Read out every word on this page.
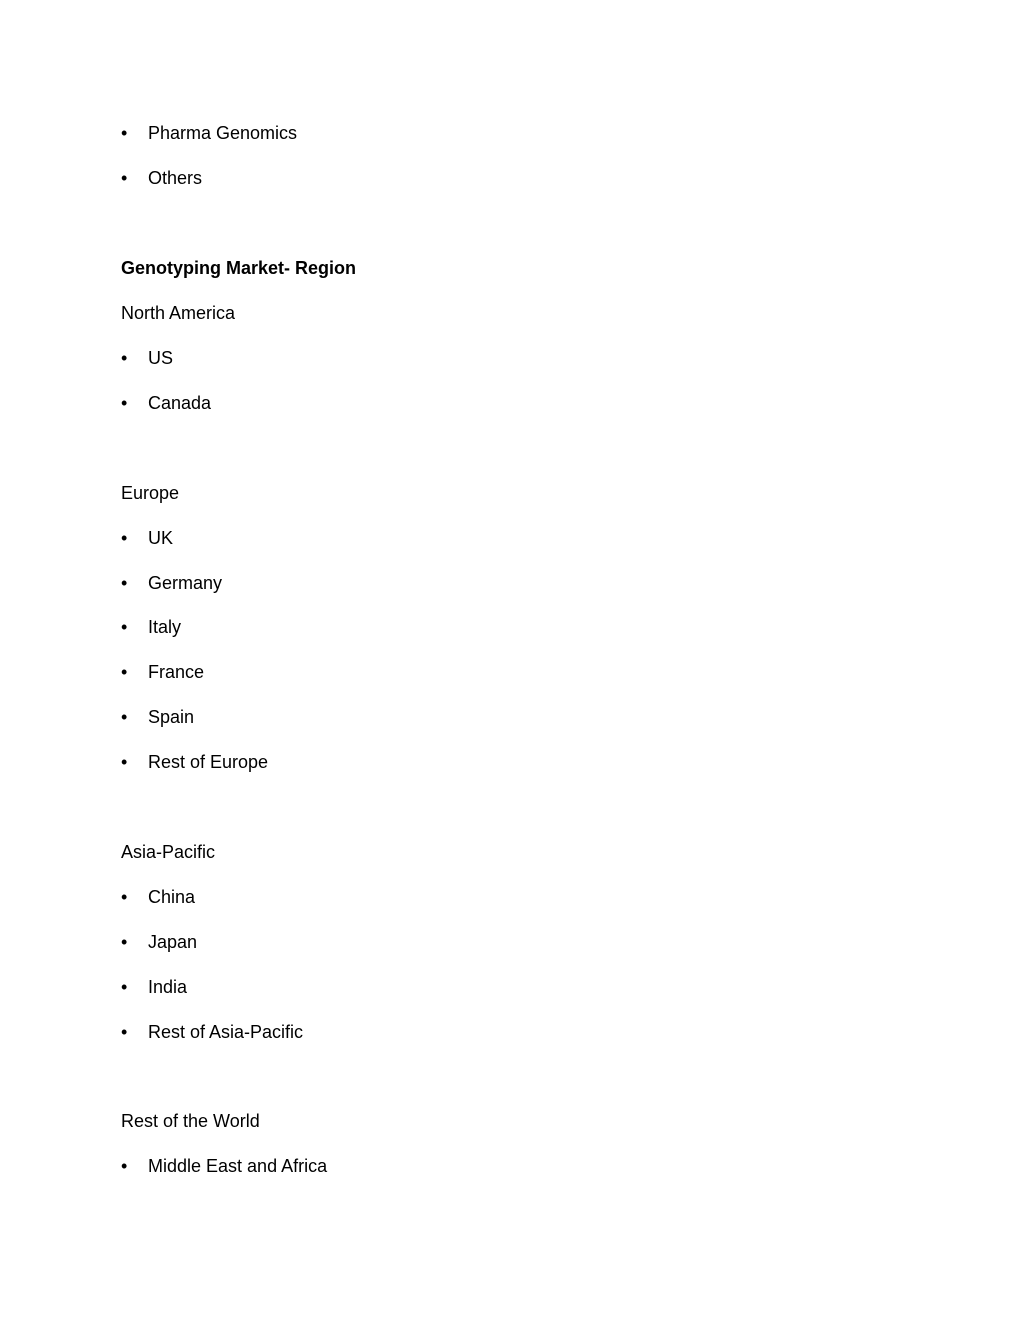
•	Pharma Genomics
•	Others
Genotyping Market- Region
North America
•	US
•	Canada
Europe
•	UK
•	Germany
•	Italy
•	France
•	Spain
•	Rest of Europe
Asia-Pacific
•	China
•	Japan
•	India
•	Rest of Asia-Pacific
Rest of the World
•	Middle East and Africa
